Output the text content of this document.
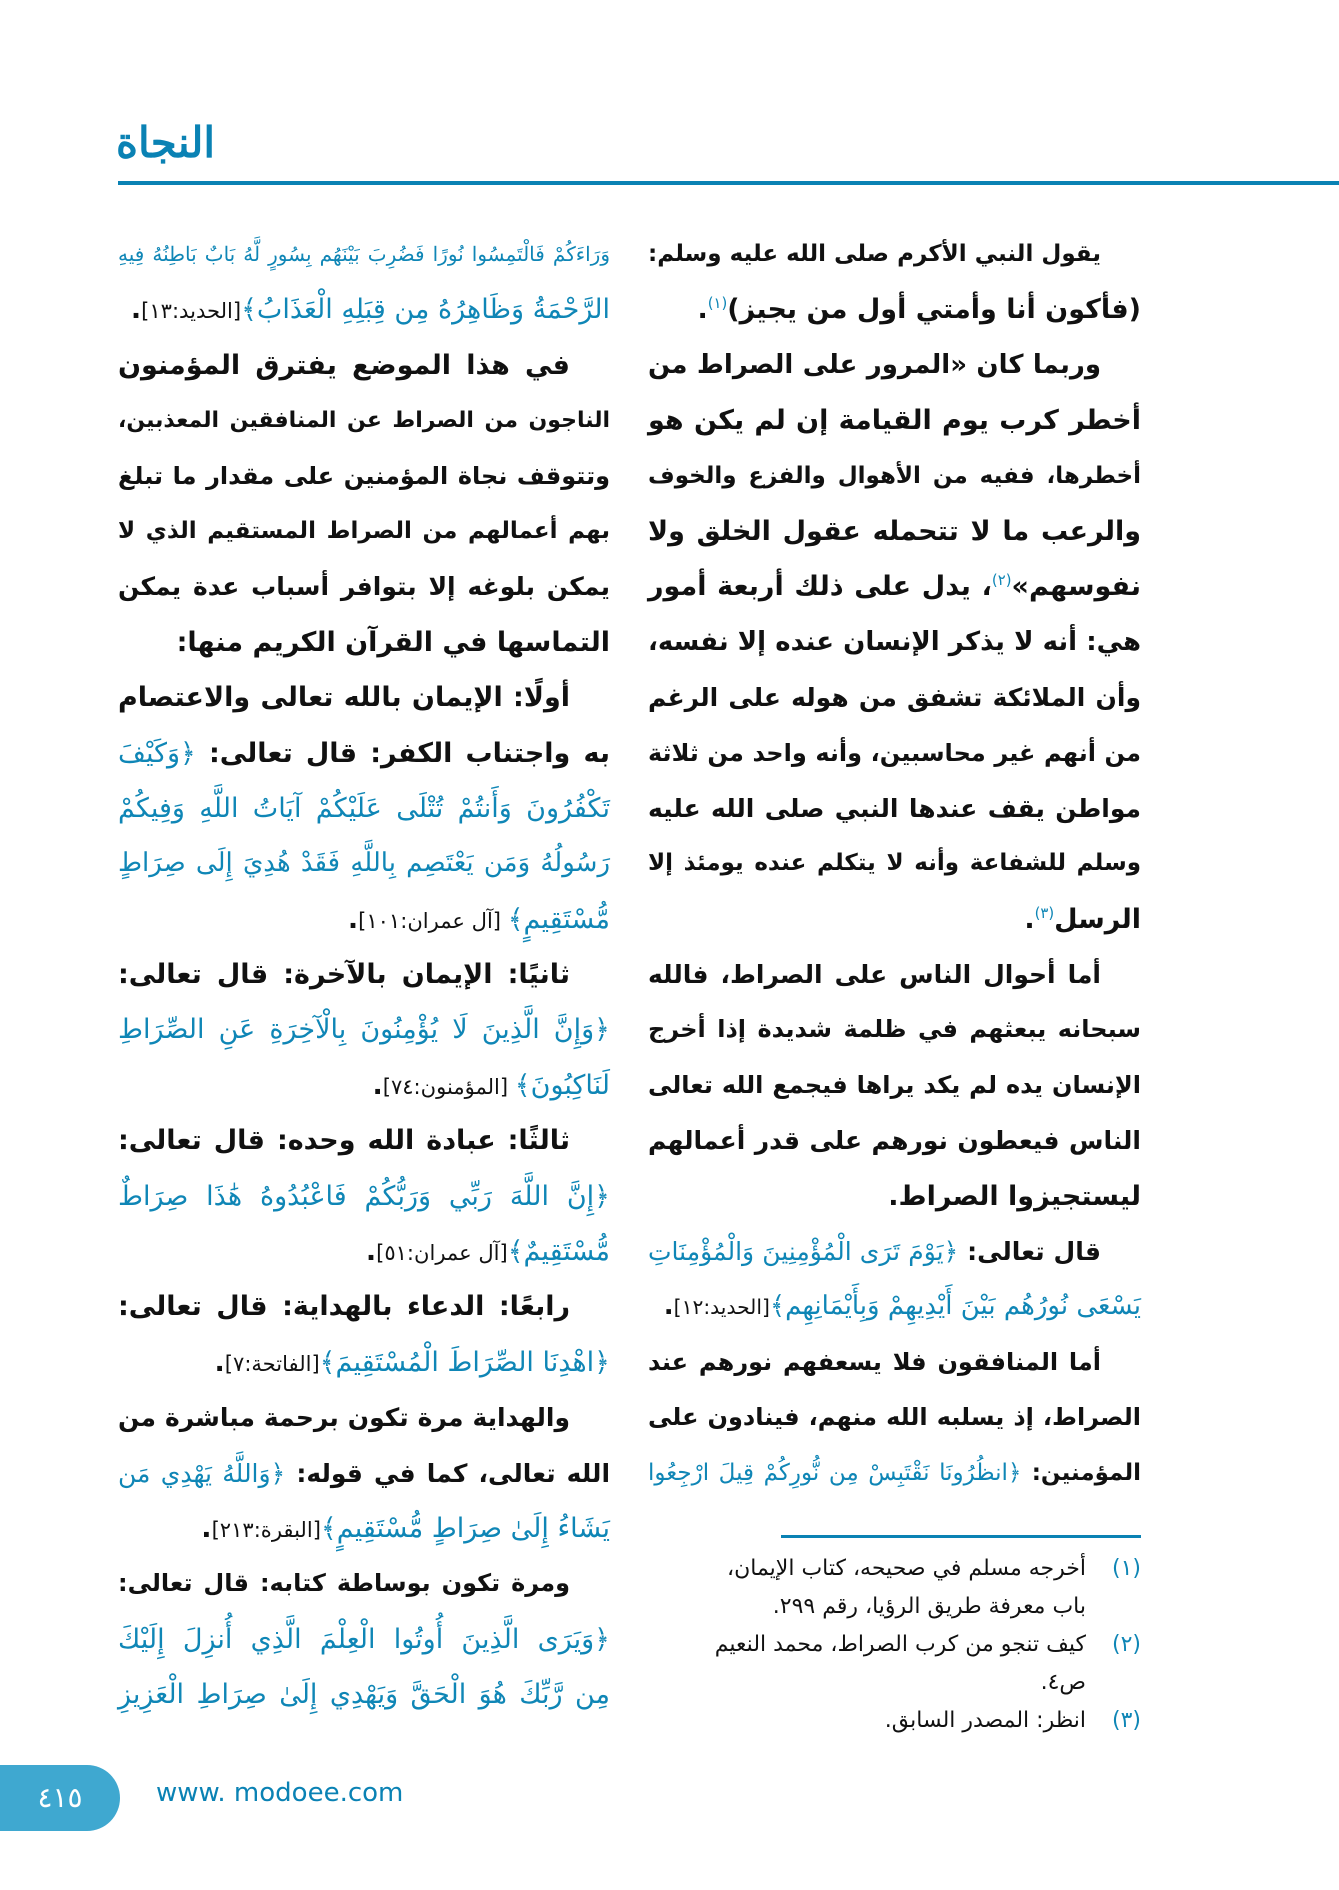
النجاة
يقول النبي الأكرم صلى الله عليه وسلم:
(فأكون أنا وأمتي أول من يجيز)$^{(١)}$.
وربما كان «المرور على الصراط من
أخطر كرب يوم القيامة إن لم يكن هو
أخطرها، ففيه من الأهوال والفزع والخوف
والرعب ما لا تتحمله عقول الخلق ولا
نفوسهم»$^{(٢)}$، يدل على ذلك أربعة أمور
هي: أنه لا يذكر الإنسان عنده إلا نفسه،
وأن الملائكة تشفق من هوله على الرغم
من أنهم غير محاسبين، وأنه واحد من ثلاثة
مواطن يقف عندها النبي صلى الله عليه
وسلم للشفاعة وأنه لا يتكلم عنده يومئذ إلا
الرسل$^{(٣)}$.
أما أحوال الناس على الصراط، فالله
سبحانه يبعثهم في ظلمة شديدة إذا أخرج
الإنسان يده لم يكد يراها فيجمع الله تعالى
الناس فيعطون نورهم على قدر أعمالهم
ليستجيزوا الصراط.
قال تعالى: ﴿يَوْمَ تَرَى الْمُؤْمِنِينَ وَالْمُؤْمِنَاتِ
يَسْعَى نُورُهُم بَيْنَ أَيْدِيهِمْ وَبِأَيْمَانِهِم﴾[الحديد:١٢].
أما المنافقون فلا يسعفهم نورهم عند
الصراط، إذ يسلبه الله منهم، فينادون على
المؤمنين: ﴿انظُرُونَا نَقْتَبِسْ مِن نُّورِكُمْ قِيلَ ارْجِعُوا
وَرَاءَكُمْ فَالْتَمِسُوا نُورًا فَضُرِبَ بَيْنَهُم بِسُورٍ لَّهُ بَابٌ بَاطِنُهُ فِيهِ
الرَّحْمَةُ وَظَاهِرُهُ مِن قِبَلِهِ الْعَذَابُ﴾[الحديد:١٣].
في هذا الموضع يفترق المؤمنون
الناجون من الصراط عن المنافقين المعذبين،
وتتوقف نجاة المؤمنين على مقدار ما تبلغ
بهم أعمالهم من الصراط المستقيم الذي لا
يمكن بلوغه إلا بتوافر أسباب عدة يمكن
التماسها في القرآن الكريم منها:
أولًا: الإيمان بالله تعالى والاعتصام
به واجتناب الكفر: قال تعالى: ﴿وَكَيْفَ
تَكْفُرُونَ وَأَنتُمْ تُتْلَى عَلَيْكُمْ آيَاتُ اللَّهِ وَفِيكُمْ
رَسُولُهُ وَمَن يَعْتَصِم بِاللَّهِ فَقَدْ هُدِيَ إِلَى صِرَاطٍ
مُّسْتَقِيمٍ﴾ [آل عمران:١٠١].
ثانيًا: الإيمان بالآخرة: قال تعالى:
﴿وَإِنَّ الَّذِينَ لَا يُؤْمِنُونَ بِالْآخِرَةِ عَنِ الصِّرَاطِ
لَنَاكِبُونَ﴾ [المؤمنون:٧٤].
ثالثًا: عبادة الله وحده: قال تعالى:
﴿إِنَّ اللَّهَ رَبِّي وَرَبُّكُمْ فَاعْبُدُوهُ هَٰذَا صِرَاطٌ
مُّسْتَقِيمٌ﴾[آل عمران:٥١].
رابعًا: الدعاء بالهداية: قال تعالى:
﴿اهْدِنَا الصِّرَاطَ الْمُسْتَقِيمَ﴾[الفاتحة:٧].
والهداية مرة تكون برحمة مباشرة من
الله تعالى، كما في قوله: ﴿وَاللَّهُ يَهْدِي مَن
يَشَاءُ إِلَىٰ صِرَاطٍ مُّسْتَقِيمٍ﴾[البقرة:٢١٣].
ومرة تكون بوساطة كتابه: قال تعالى:
﴿وَيَرَى الَّذِينَ أُوتُوا الْعِلْمَ الَّذِي أُنزِلَ إِلَيْكَ
مِن رَّبِّكَ هُوَ الْحَقَّ وَيَهْدِي إِلَىٰ صِرَاطِ الْعَزِيزِ
(١)
أخرجه مسلم في صحيحه، كتاب الإيمان،
باب معرفة طريق الرؤيا، رقم ٢٩٩.
(٢)
كيف تنجو من كرب الصراط، محمد النعيم
ص٤.
(٣)
انظر: المصدر السابق.
٤١٥	www. modoee.com
